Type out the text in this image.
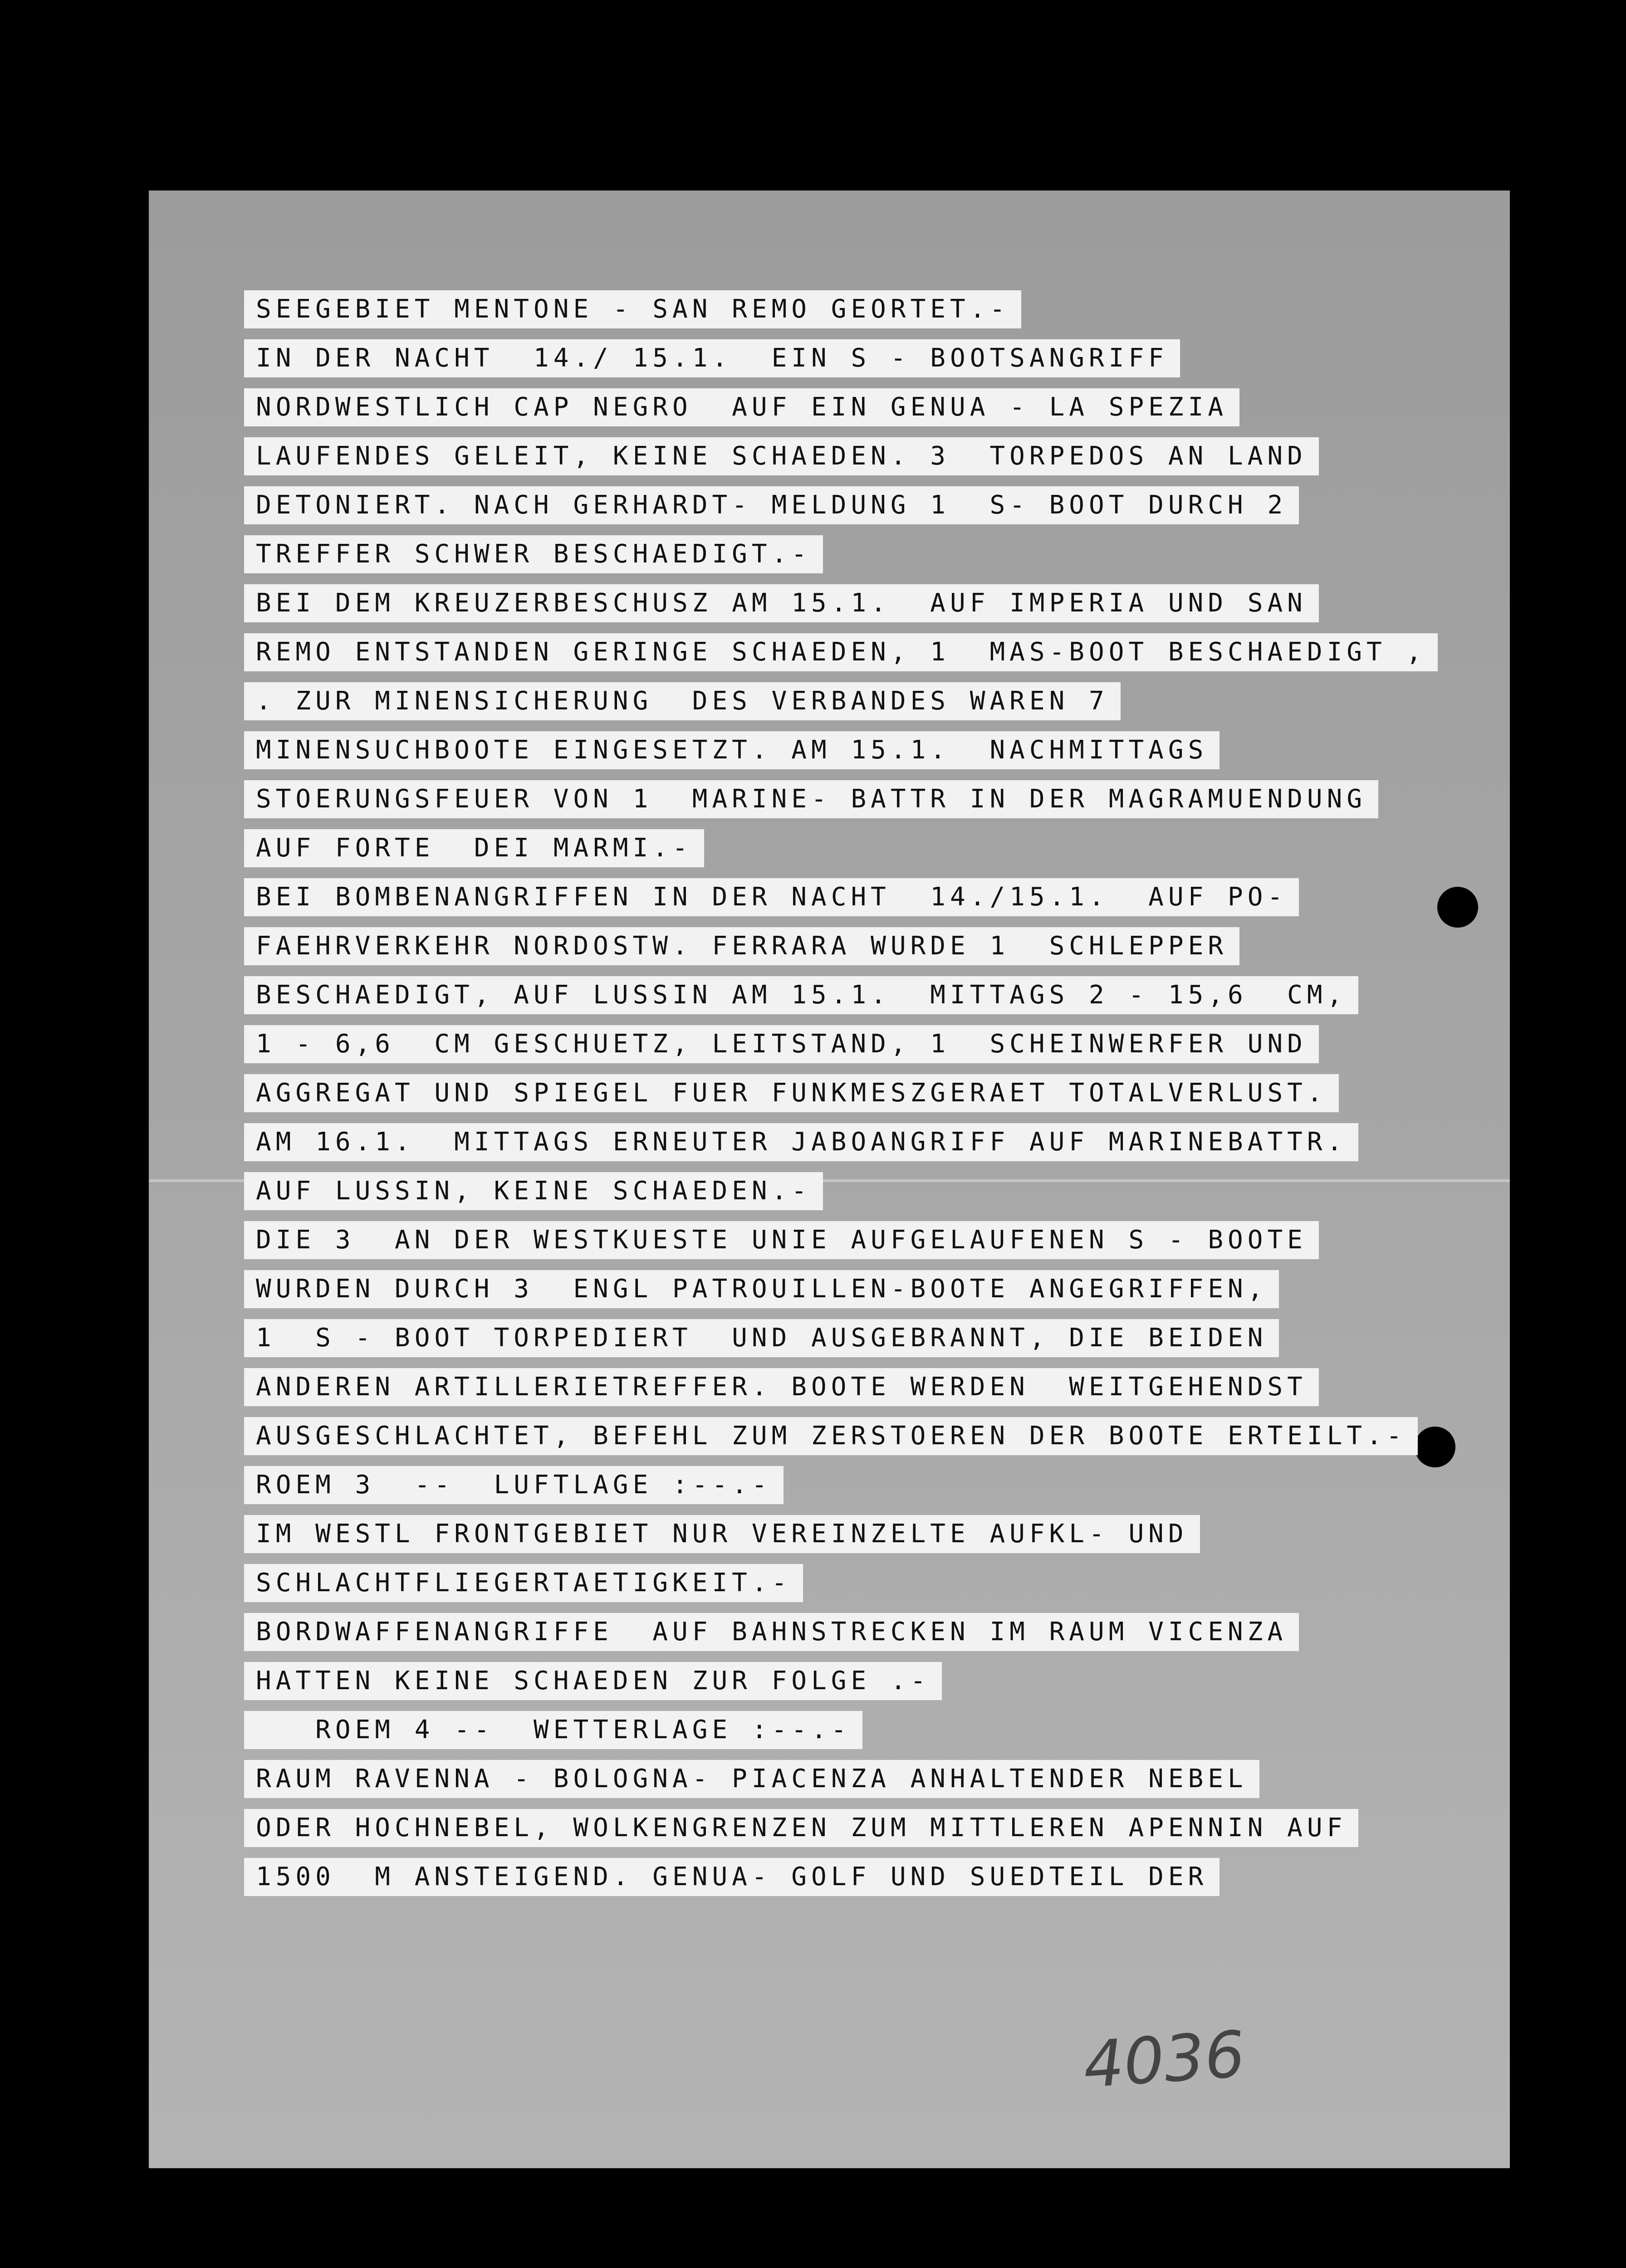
SEEGEBIET MENTONE - SAN REMO GEORTET.-
IN DER NACHT  14./ 15.1.  EIN S - BOOTSANGRIFF
NORDWESTLICH CAP NEGRO  AUF EIN GENUA - LA SPEZIA
LAUFENDES GELEIT, KEINE SCHAEDEN. 3  TORPEDOS AN LAND
DETONIERT. NACH GERHARDT- MELDUNG 1  S- BOOT DURCH 2
TREFFER SCHWER BESCHAEDIGT.-
BEI DEM KREUZERBESCHUSZ AM 15.1.  AUF IMPERIA UND SAN
REMO ENTSTANDEN GERINGE SCHAEDEN, 1  MAS-BOOT BESCHAEDIGT ,
. ZUR MINENSICHERUNG  DES VERBANDES WAREN 7
MINENSUCHBOOTE EINGESETZT. AM 15.1.  NACHMITTAGS
STOERUNGSFEUER VON 1  MARINE- BATTR IN DER MAGRAMUENDUNG
AUF FORTE  DEI MARMI.-
BEI BOMBENANGRIFFEN IN DER NACHT  14./15.1.  AUF PO-
FAEHRVERKEHR NORDOSTW. FERRARA WURDE 1  SCHLEPPER
BESCHAEDIGT, AUF LUSSIN AM 15.1.  MITTAGS 2 - 15,6  CM,
1 - 6,6  CM GESCHUETZ, LEITSTAND, 1  SCHEINWERFER UND
AGGREGAT UND SPIEGEL FUER FUNKMESZGERAET TOTALVERLUST.
AM 16.1.  MITTAGS ERNEUTER JABOANGRIFF AUF MARINEBATTR.
AUF LUSSIN, KEINE SCHAEDEN.-
DIE 3  AN DER WESTKUESTE UNIE AUFGELAUFENEN S - BOOTE
WURDEN DURCH 3  ENGL PATROUILLEN-BOOTE ANGEGRIFFEN,
1  S - BOOT TORPEDIERT  UND AUSGEBRANNT, DIE BEIDEN
ANDEREN ARTILLERIETREFFER. BOOTE WERDEN  WEITGEHENDST
AUSGESCHLACHTET, BEFEHL ZUM ZERSTOEREN DER BOOTE ERTEILT.-
ROEM 3  --  LUFTLAGE :--.-
IM WESTL FRONTGEBIET NUR VEREINZELTE AUFKL- UND
SCHLACHTFLIEGERTAETIGKEIT.-
BORDWAFFENANGRIFFE  AUF BAHNSTRECKEN IM RAUM VICENZA
HATTEN KEINE SCHAEDEN ZUR FOLGE .-
ROEM 4 --  WETTERLAGE :--.-
RAUM RAVENNA - BOLOGNA- PIACENZA ANHALTENDER NEBEL
ODER HOCHNEBEL, WOLKENGRENZEN ZUM MITTLEREN APENNIN AUF
1500  M ANSTEIGEND. GENUA- GOLF UND SUEDTEIL DER
4036
